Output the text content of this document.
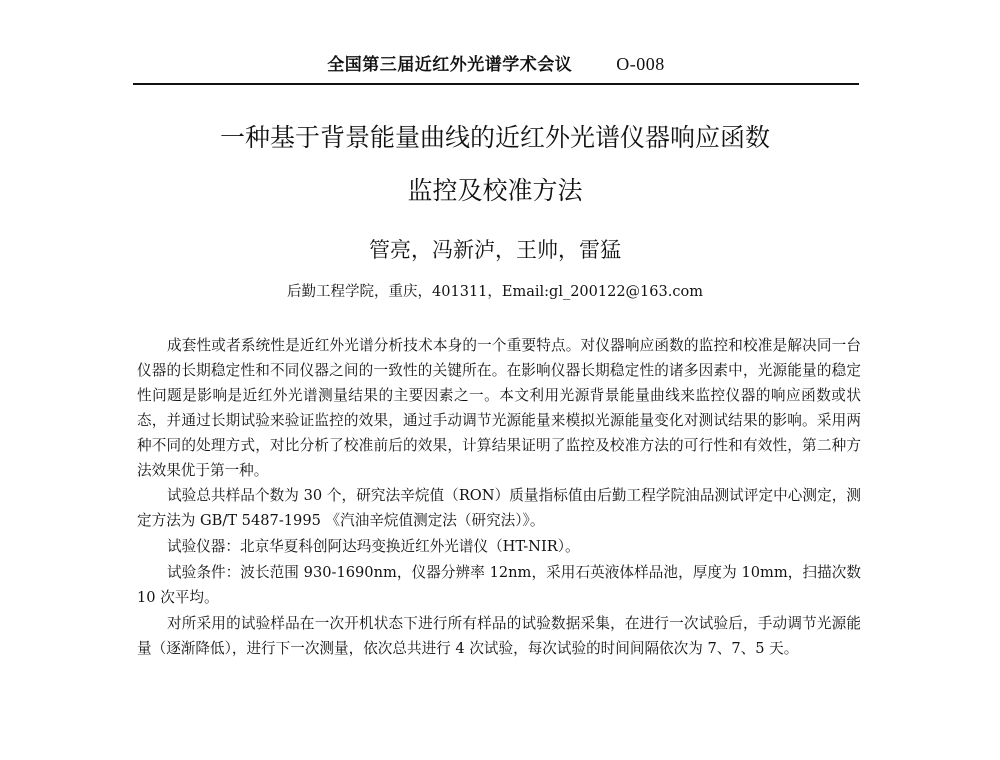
全国第三届近红外光谱学术会议 O-008
一种基于背景能量曲线的近红外光谱仪器响应函数
监控及校准方法
管亮，冯新泸，王帅，雷猛
后勤工程学院，重庆，401311，Email:gl_200122@163.com

成套性或者系统性是近红外光谱分析技术本身的一个重要特点。对仪器响应函数的监控和校准是解决同一台仪器的长期稳定性和不同仪器之间的一致性的关键所在。在影响仪器长期稳定性的诸多因素中，光源能量的稳定性问题是影响是近红外光谱测量结果的主要因素之一。本文利用光源背景能量曲线来监控仪器的响应函数或状态，并通过长期试验来验证监控的效果，通过手动调节光源能量来模拟光源能量变化对测试结果的影响。采用两种不同的处理方式，对比分析了校准前后的效果，计算结果证明了监控及校准方法的可行性和有效性，第二种方法效果优于第一种。

试验总共样品个数为 30 个，研究法辛烷值（RON）质量指标值由后勤工程学院油品测试评定中心测定，测定方法为 GB/T 5487-1995 《汽油辛烷值测定法（研究法）》。

试验仪器：北京华夏科创阿达玛变换近红外光谱仪（HT-NIR）。

试验条件：波长范围 930-1690nm，仪器分辨率 12nm，采用石英液体样品池，厚度为 10mm，扫描次数 10 次平均。

对所采用的试验样品在一次开机状态下进行所有样品的试验数据采集，在进行一次试验后，手动调节光源能量（逐渐降低），进行下一次测量，依次总共进行 4 次试验，每次试验的时间间隔依次为 7、7、5 天。
